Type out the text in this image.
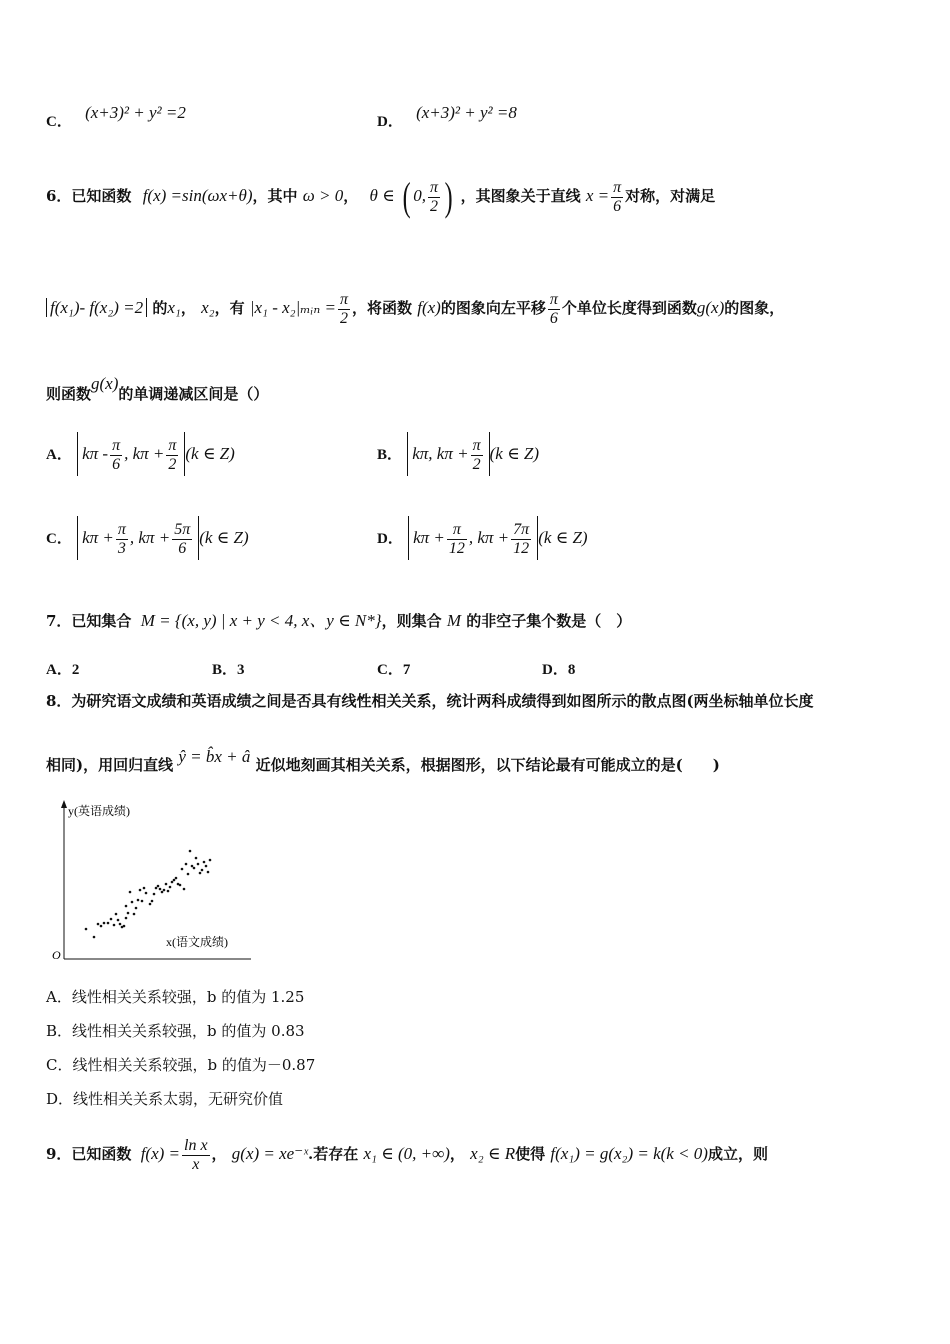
C． (x+3)² + y² =2	D． (x+3)² + y² =8
6．已知函数 f(x) =sin(ωx+θ)，其中 ω > 0， θ ∈ ( 0, $\frac{\pi}{2}$ ) ，其图象关于直线 $x = \frac{\pi}{6}$ 对称，对满足
f(x₁)- f(x₂) =2 的x₁， x₂，有 |x₁ - x₂|ₘᵢₙ = $\frac{\pi}{2}$ ，将函数 f(x)的图象向左平移 $\frac{\pi}{6}$ 个单位长度得到函数g(x)的图象，
则函数g(x)的单调递减区间是（）
A． kπ - $\frac{\pi}{6}$ , $k\pi + \frac{\pi}{2} (k$ ∈ Z)	B． kπ, $k\pi + \frac{\pi}{2} (k$ ∈ Z)
C． $k\pi + \frac{\pi}{3}$ , $k\pi + \frac{5\pi}{6} (k$ ∈ Z)	D． $k\pi + \frac{\pi}{12}$ , $k\pi + \frac{7\pi}{12} (k$ ∈ Z)
7．已知集合 M = {(x, y) | x + y < 4, x、y ∈ N*}，则集合 M 的非空子集个数是（　）
A．2	B．3	C．7	D．8
8．为研究语文成绩和英语成绩之间是否具有线性相关关系，统计两科成绩得到如图所示的散点图(两坐标轴单位长度
相同)，用回归直线 ŷ = b̂x + â 近似地刻画其相关关系，根据图形，以下结论最有可能成立的是(　　)
y(英语成绩)
x(语文成绩)
O
A．线性相关关系较强，b 的值为 1.25
B．线性相关关系较强，b 的值为 0.83
C．线性相关关系较强，b 的值为－0.87
D．线性相关关系太弱，无研究价值
9．已知函数 $f(x) = \frac{\text{ln x}}{x}$ ， g(x) = xe⁻ˣ.若存在 x₁ ∈ (0, +∞)， x₂ ∈ R使得 f(x₁) = g(x₂) = k(k < 0)成立，则
